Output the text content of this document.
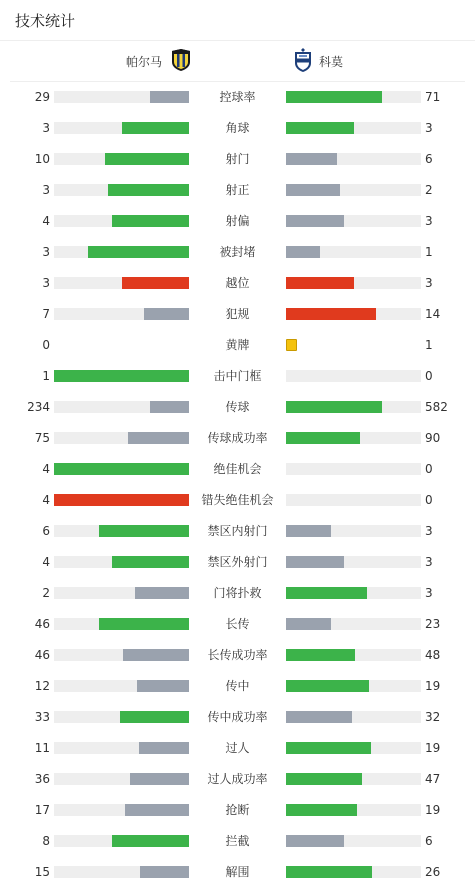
技术统计
帕尔马	科莫
29	控球率	71
3	角球	3
10	射门	6
3	射正	2
4	射偏	3
3	被封堵	1
3	越位	3
7	犯规	14
0	黄牌	1
1	击中门框	0
234	传球	582
75	传球成功率	90
4	绝佳机会	0
4	错失绝佳机会	0
6	禁区内射门	3
4	禁区外射门	3
2	门将扑救	3
46	长传	23
46	长传成功率	48
12	传中	19
33	传中成功率	32
11	过人	19
36	过人成功率	47
17	抢断	19
8	拦截	6
15	解围	26
